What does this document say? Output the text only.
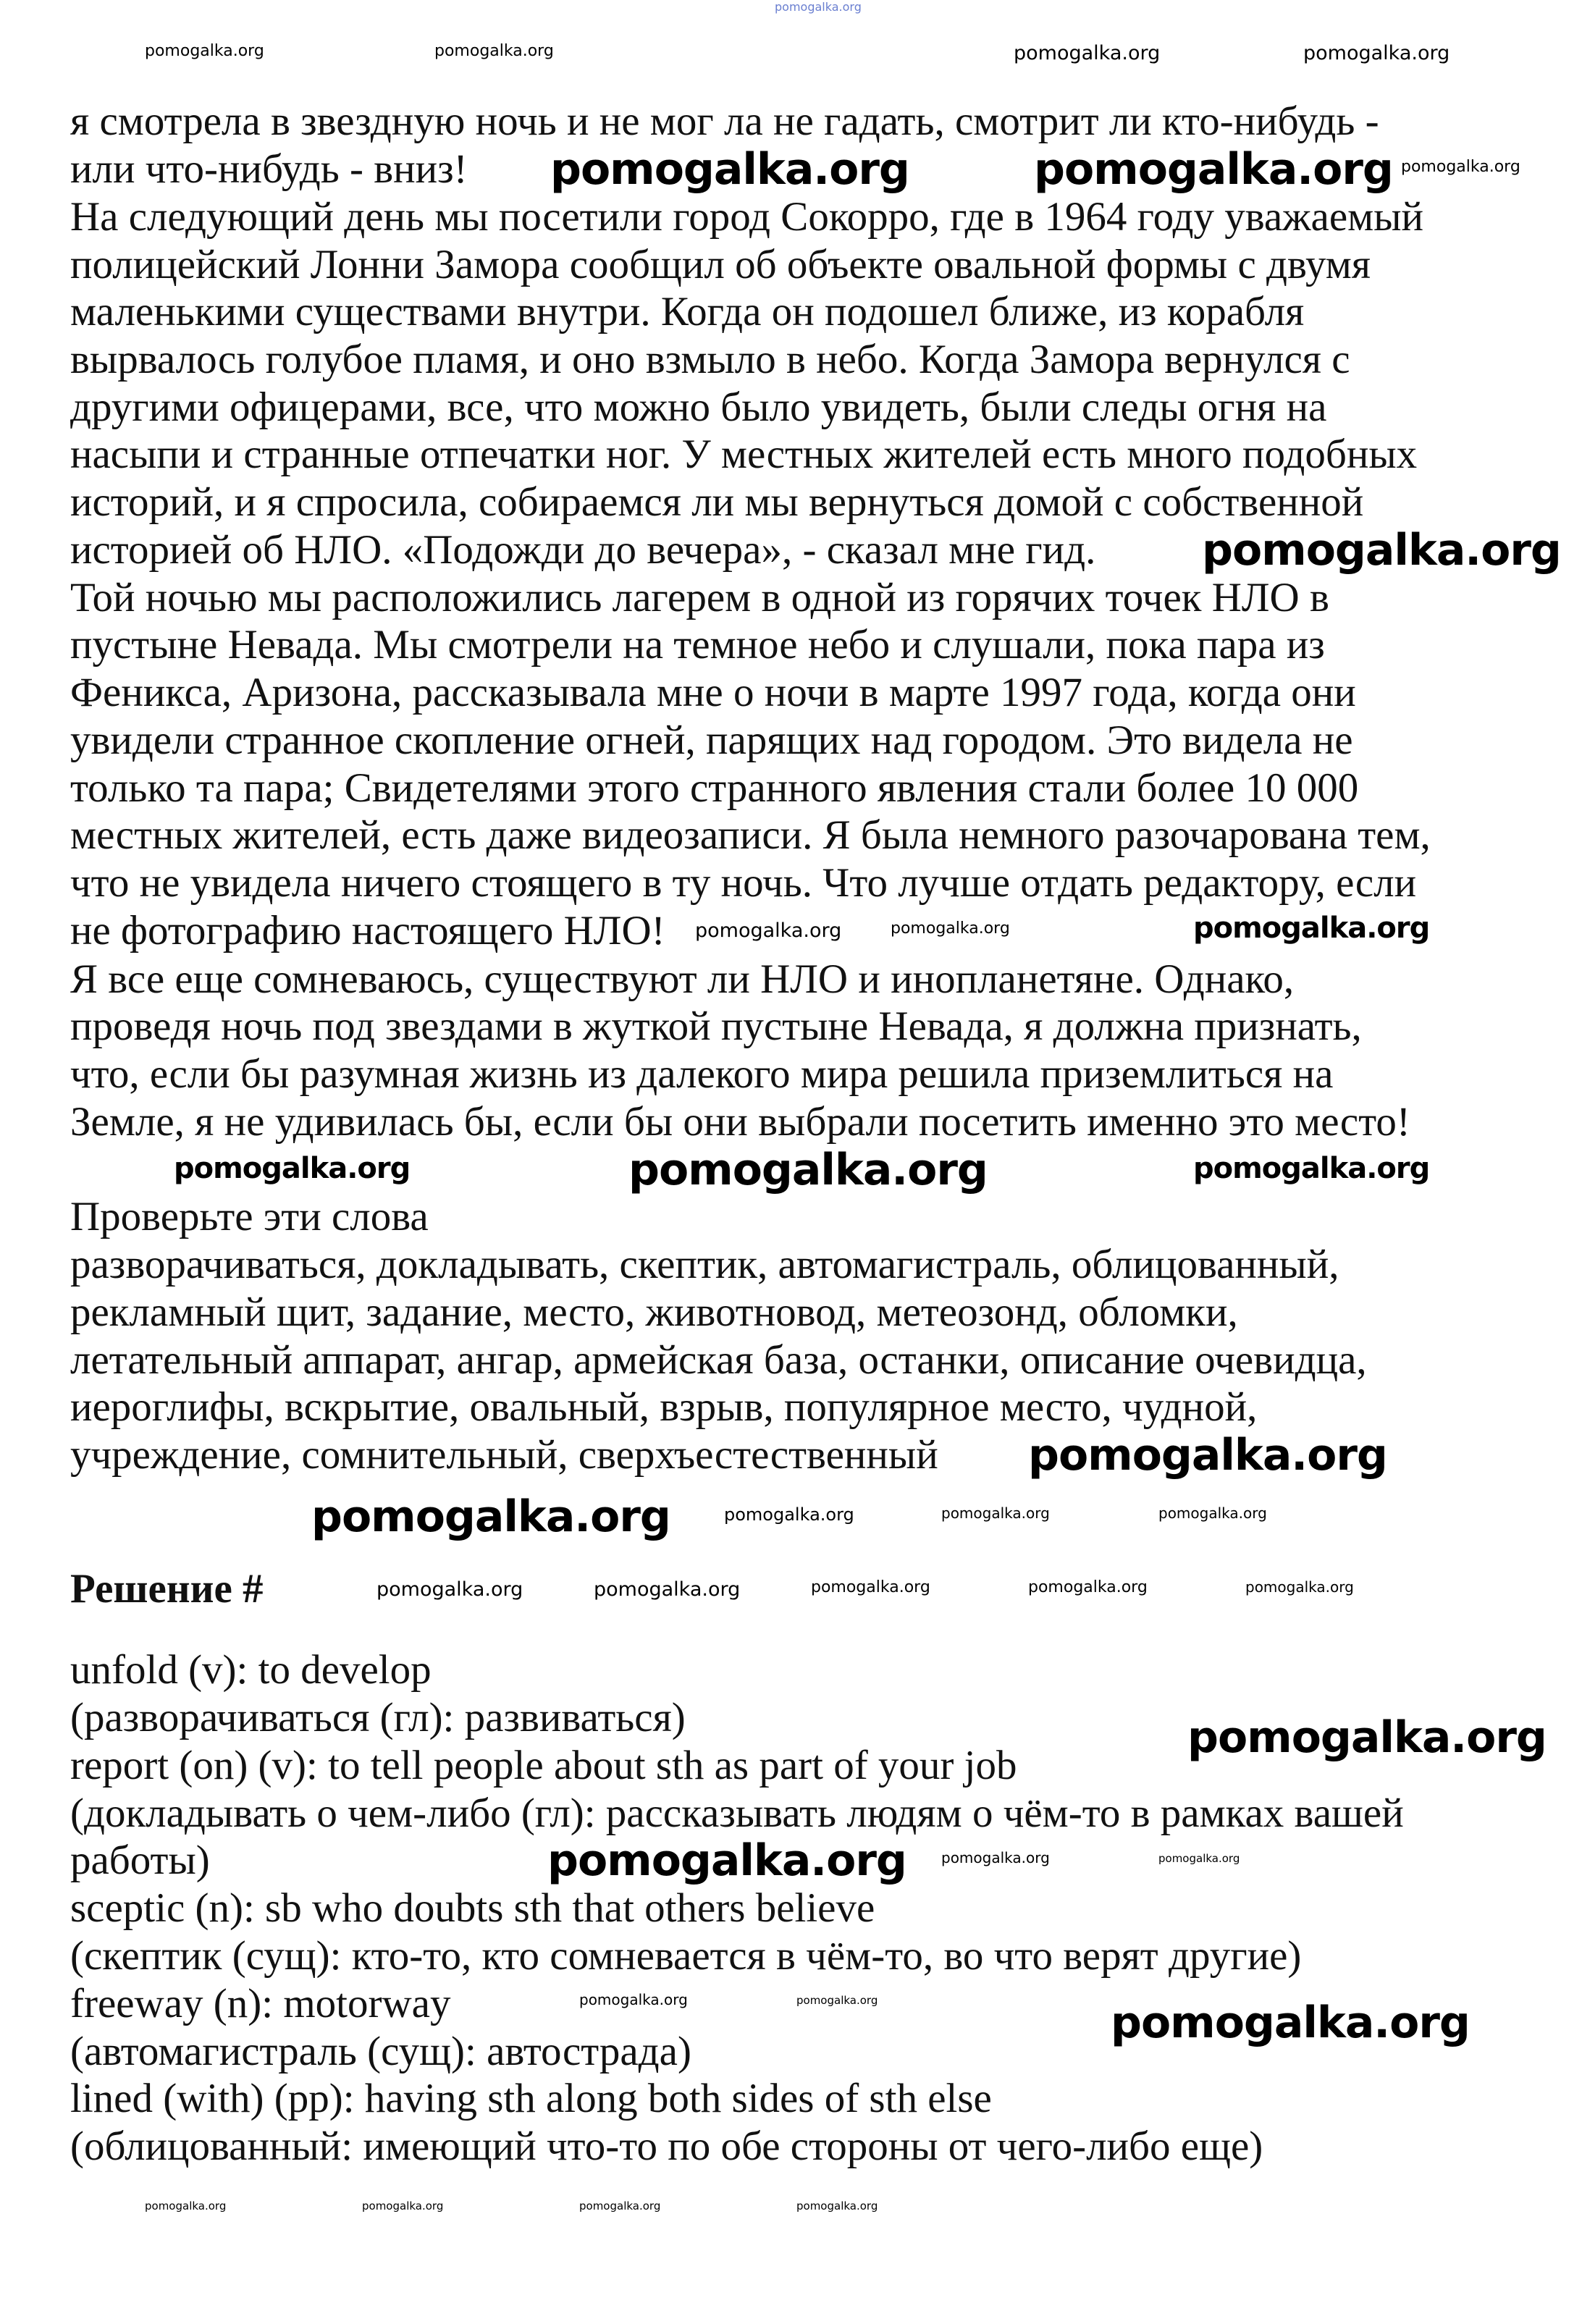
pomogalka.org
я смотрела в звездную ночь и не мог ла не гадать, смотрит ли кто-нибудь -
или что-нибудь - вниз!
На следующий день мы посетили город Сокорро, где в 1964 году уважаемый
полицейский Лонни Замора сообщил об объекте овальной формы с двумя
маленькими существами внутри. Когда он подошел ближе, из корабля
вырвалось голубое пламя, и оно взмыло в небо. Когда Замора вернулся с
другими офицерами, все, что можно было увидеть, были следы огня на
насыпи и странные отпечатки ног. У местных жителей есть много подобных
историй, и я спросила, собираемся ли мы вернуться домой с собственной
историей об НЛО. «Подожди до вечера», - сказал мне гид.
Той ночью мы расположились лагерем в одной из горячих точек НЛО в
пустыне Невада. Мы смотрели на темное небо и слушали, пока пара из
Феникса, Аризона, рассказывала мне о ночи в марте 1997 года, когда они
увидели странное скопление огней, парящих над городом. Это видела не
только та пара; Свидетелями этого странного явления стали более 10 000
местных жителей, есть даже видеозаписи. Я была немного разочарована тем,
что не увидела ничего стоящего в ту ночь. Что лучше отдать редактору, если
не фотографию настоящего НЛО!
Я все еще сомневаюсь, существуют ли НЛО и инопланетяне. Однако,
проведя ночь под звездами в жуткой пустыне Невада, я должна признать,
что, если бы разумная жизнь из далекого мира решила приземлиться на
Земле, я не удивилась бы, если бы они выбрали посетить именно это место!
Проверьте эти слова
разворачиваться, докладывать, скептик, автомагистраль, облицованный,
рекламный щит, задание, место, животновод, метеозонд, обломки,
летательный аппарат, ангар, армейская база, останки, описание очевидца,
иероглифы, вскрытие, овальный, взрыв, популярное место, чудной,
учреждение, сомнительный, сверхъестественный
Решение #
unfold (v): to develop
(разворачиваться (гл): развиваться)
report (on) (v): to tell people about sth as part of your job
(докладывать о чем-либо (гл): рассказывать людям о чём-то в рамках вашей
работы)
sceptic (n): sb who doubts sth that others believe
(скептик (сущ): кто-то, кто сомневается в чём-то, во что верят другие)
freeway (n): motorway
(автомагистраль (сущ): автострада)
lined (with) (pp): having sth along both sides of sth else
(облицованный: имеющий что-то по обе стороны от чего-либо еще)
pomogalka.org	pomogalka.org
pomogalka.org
pomogalka.org
pomogalka.org
pomogalka.org
pomogalka.org
pomogalka.org
pomogalka.org
pomogalka.org
pomogalka.org
pomogalka.org
pomogalka.org	pomogalka.org	pomogalka.org	pomogalka.org
pomogalka.org
pomogalka.org	pomogalka.org
pomogalka.org	pomogalka.org	pomogalka.org	pomogalka.org	pomogalka.org
pomogalka.org	pomogalka.org	pomogalka.org
pomogalka.org
pomogalka.org
pomogalka.org
pomogalka.org
pomogalka.org	pomogalka.org	pomogalka.org	pomogalka.org
